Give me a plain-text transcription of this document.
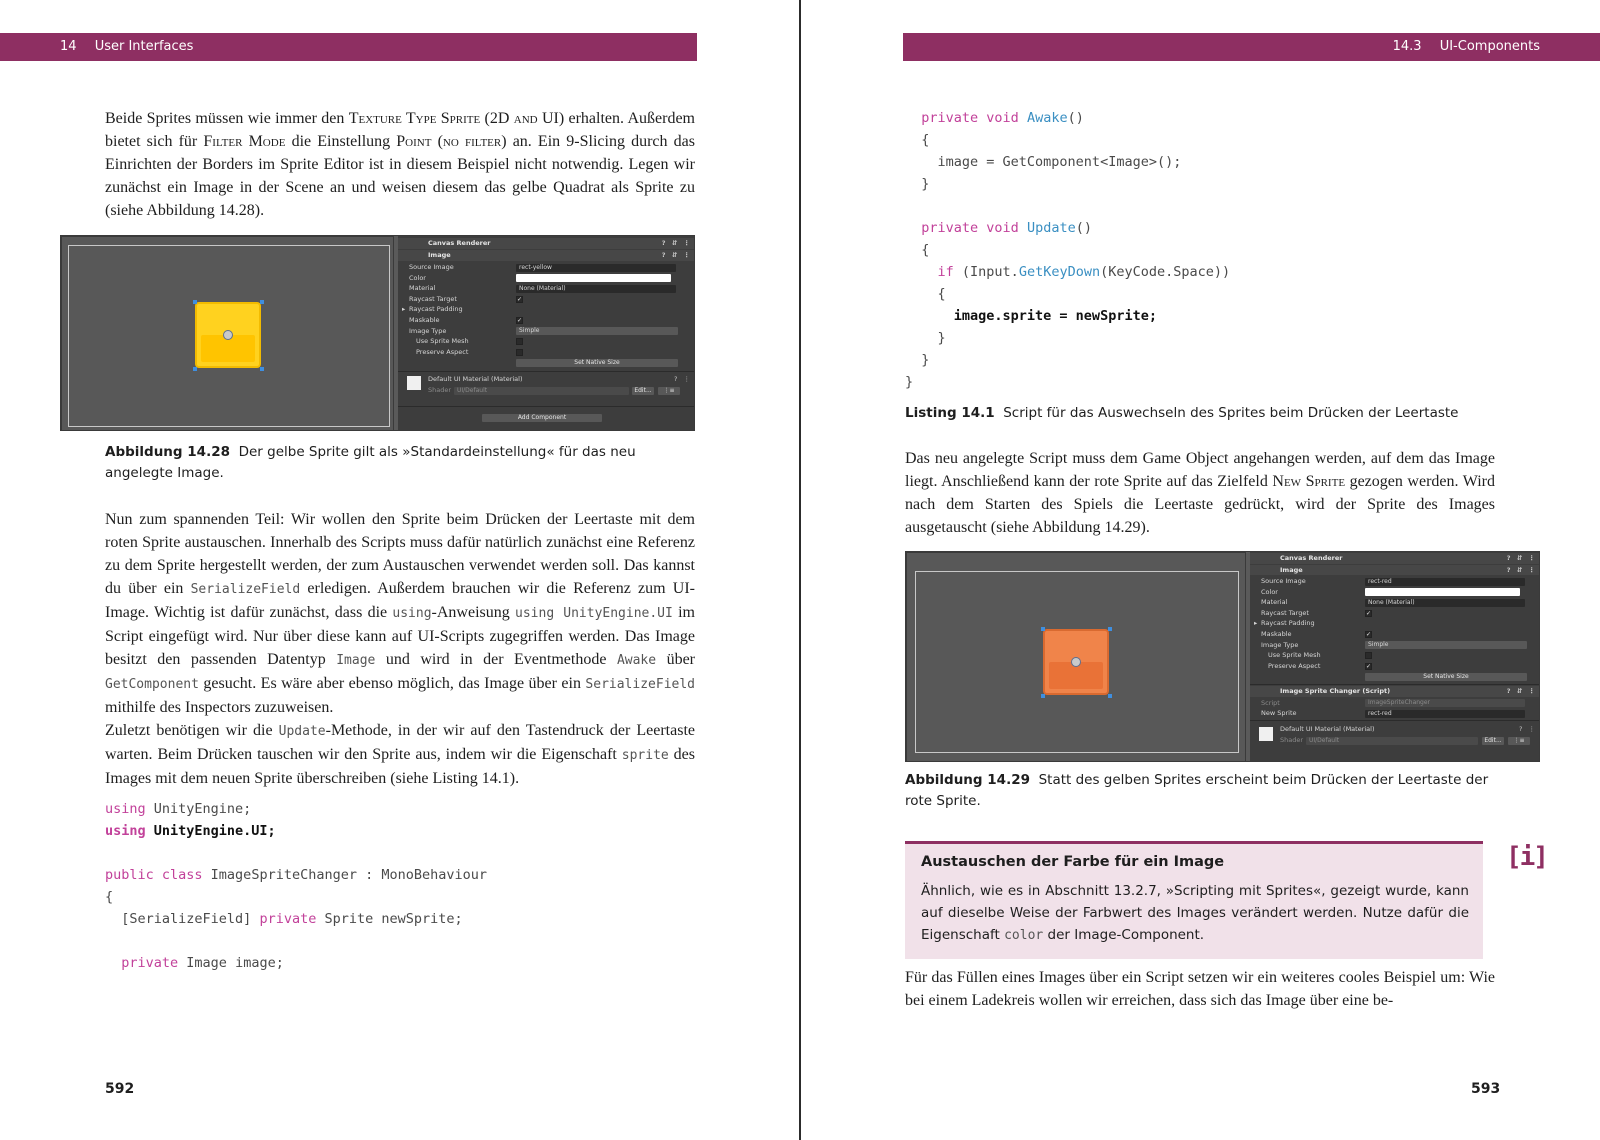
14 User Interfaces

Beide Sprites müssen wie immer den Texture Type Sprite (2D and UI) erhalten. Außerdem bietet sich für Filter Mode die Einstellung Point (no filter) an. Ein 9-Slicing durch das Einrichten der Borders im Sprite Editor ist in diesem Beispiel nicht notwendig. Legen wir zunächst ein Image in der Scene an und weisen diesem das gelbe Quadrat als Sprite zu (siehe Abbildung 14.28).

Canvas Renderer	? ⇵ ⋮
Image	? ⇵ ⋮
Source Image	rect-yellow
Color
Material	None (Material)
Raycast Target	✓
▸ Raycast Padding
Maskable	✓
Image Type	Simple
Use Sprite Mesh
Preserve Aspect
Set Native Size
Default UI Material (Material)	? ⋮
Shader UI/Default	Edit...	⋮≡
Add Component

Abbildung 14.28 Der gelbe Sprite gilt als »Standardeinstellung« für das neu angelegte Image.

Nun zum spannenden Teil: Wir wollen den Sprite beim Drücken der Leertaste mit dem roten Sprite austauschen. Innerhalb des Scripts muss dafür natürlich zunächst eine Referenz zu dem Sprite hergestellt werden, der zum Austauschen verwendet werden soll. Das kannst du über ein SerializeField erledigen. Außerdem brauchen wir die Referenz zum UI-Image. Wichtig ist dafür zunächst, dass die using-Anweisung using UnityEngine.UI im Script eingefügt wird. Nur über diese kann auf UI-Scripts zugegriffen werden. Das Image besitzt den passenden Datentyp Image und wird in der Eventmethode Awake über GetComponent gesucht. Es wäre aber ebenso möglich, das Image über ein SerializeField mithilfe des Inspectors zuzuweisen.

Zuletzt benötigen wir die Update-Methode, in der wir auf den Tastendruck der Leertaste warten. Beim Drücken tauschen wir den Sprite aus, indem wir die Eigenschaft sprite des Images mit dem neuen Sprite überschreiben (siehe Listing 14.1).

using UnityEngine;
using UnityEngine.UI;

public class ImageSpriteChanger : MonoBehaviour
{
[SerializeField] private Sprite newSprite;

private Image image;
592
14.3 UI-Components
private void Awake()
{
image = GetComponent<Image>();
}

private void Update()
{
if (Input.GetKeyDown(KeyCode.Space))
{
image.sprite = newSprite;
}
}
}

Listing 14.1 Script für das Auswechseln des Sprites beim Drücken der Leertaste

Das neu angelegte Script muss dem Game Object angehangen werden, auf dem das Image liegt. Anschließend kann der rote Sprite auf das Zielfeld New Sprite gezogen werden. Wird nach dem Starten des Spiels die Leertaste gedrückt, wird der Sprite des Images ausgetauscht (siehe Abbildung 14.29).

Canvas Renderer	? ⇵ ⋮
Image	? ⇵ ⋮
Source Image	rect-red
Color
Material	None (Material)
Raycast Target	✓
▸ Raycast Padding
Maskable	✓
Image Type	Simple
Use Sprite Mesh
Preserve Aspect	✓
Set Native Size
Image Sprite Changer (Script)	? ⇵ ⋮
Script	ImageSpriteChanger
New Sprite	rect-red
Default UI Material (Material)	? ⋮
Shader UI/Default	Edit...	⋮≡

Abbildung 14.29 Statt des gelben Sprites erscheint beim Drücken der Leertaste der rote Sprite.

Austauschen der Farbe für ein Image

Ähnlich, wie es in Abschnitt 13.2.7, »Scripting mit Sprites«, gezeigt wurde, kann auf dieselbe Weise der Farbwert des Images verändert werden. Nutze dafür die Eigenschaft color der Image-Component.

[i]

Für das Füllen eines Images über ein Script setzen wir ein weiteres cooles Beispiel um: Wie bei einem Ladekreis wollen wir erreichen, dass sich das Image über eine be-

593
